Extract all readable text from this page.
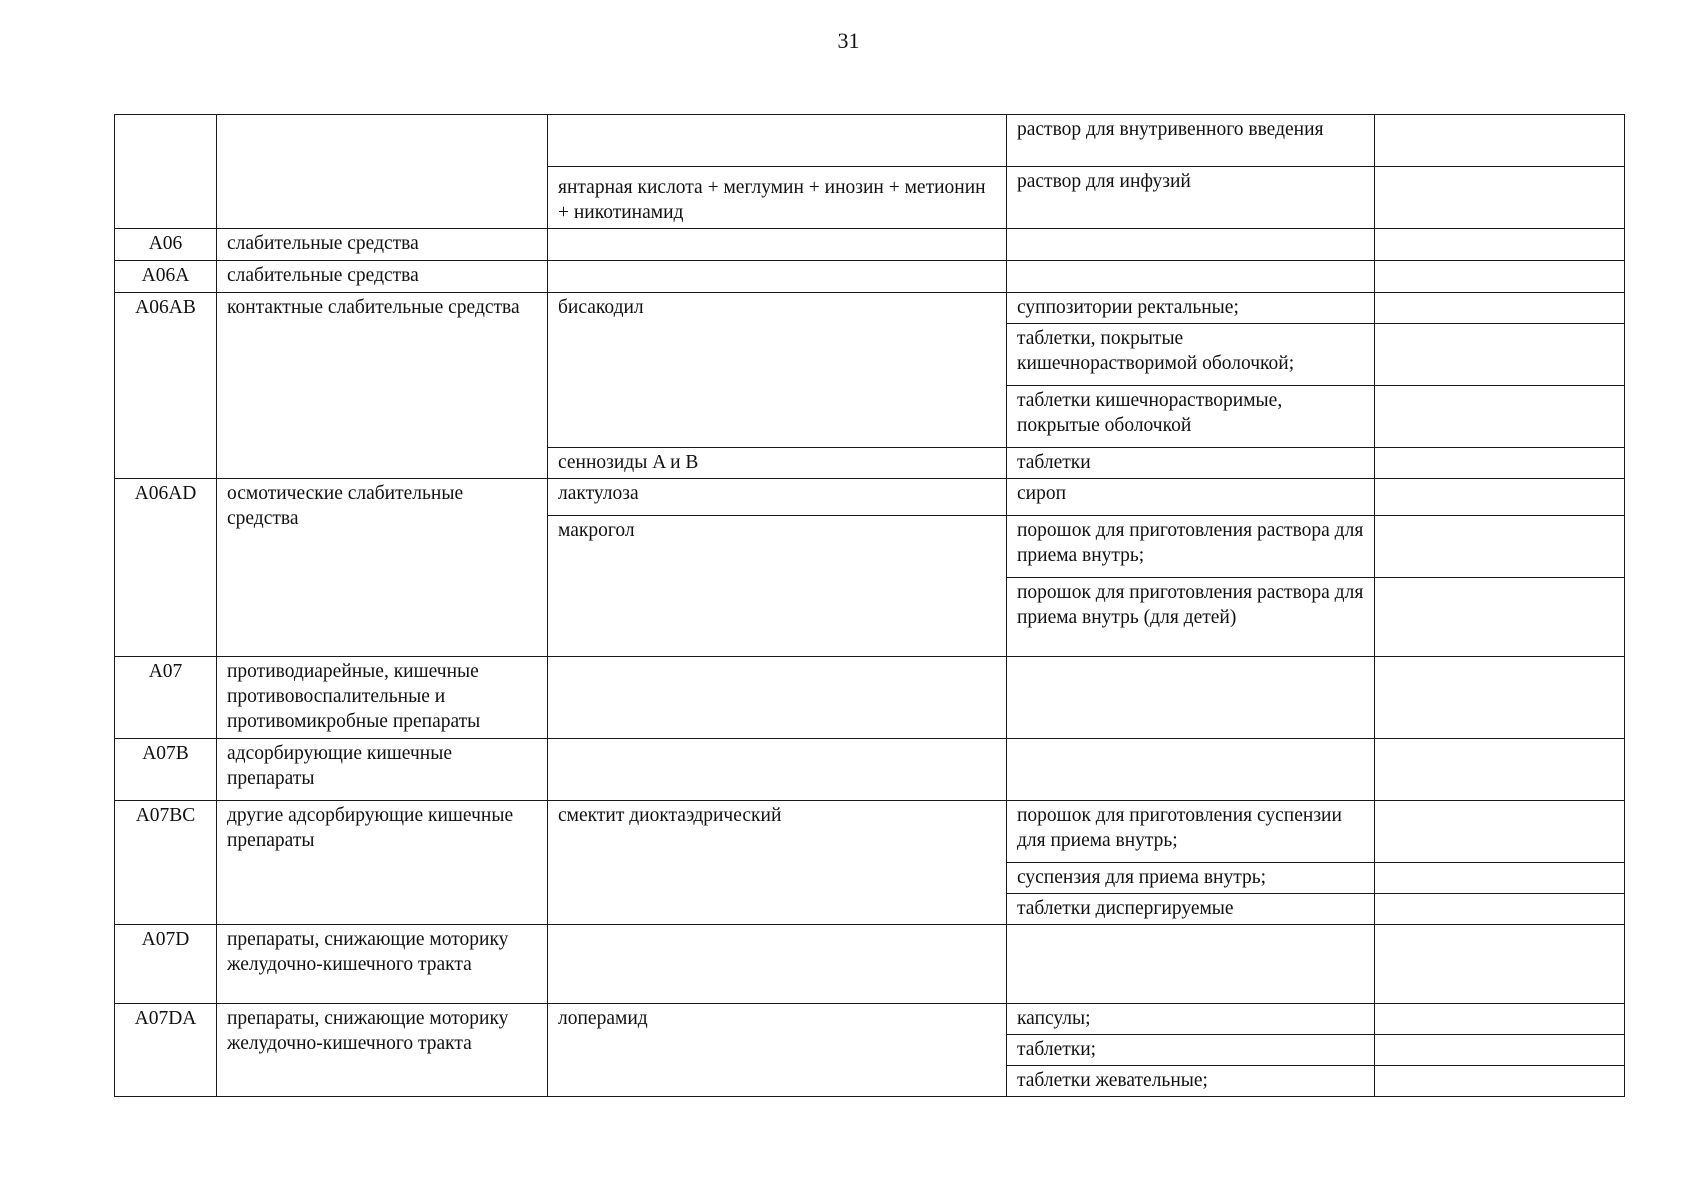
31
			раствор для внутривенного введения	
		янтарная кислота + меглумин + инозин + метионин + никотинамид	раствор для инфузий	
A06	слабительные средства			
A06A	слабительные средства			
A06AB	контактные слабительные средства	бисакодил	суппозитории ректальные;	
			таблетки, покрытые кишечнорастворимой оболочкой;	
			таблетки кишечнорастворимые, покрытые оболочкой	
		сеннозиды A и B	таблетки	
A06AD	осмотические слабительные средства	лактулоза	сироп	
		макрогол	порошок для приготовления раствора для приема внутрь;	
			порошок для приготовления раствора для приема внутрь (для детей)	
A07	противодиарейные, кишечные противовоспалительные и противомикробные препараты			
A07B	адсорбирующие кишечные препараты			
A07BC	другие адсорбирующие кишечные препараты	смектит диоктаэдрический	порошок для приготовления суспензии для приема внутрь;	
			суспензия для приема внутрь;	
			таблетки диспергируемые	
A07D	препараты, снижающие моторику желудочно-кишечного тракта			
A07DA	препараты, снижающие моторику желудочно-кишечного тракта	лоперамид	капсулы;	
			таблетки;	
			таблетки жевательные;	
